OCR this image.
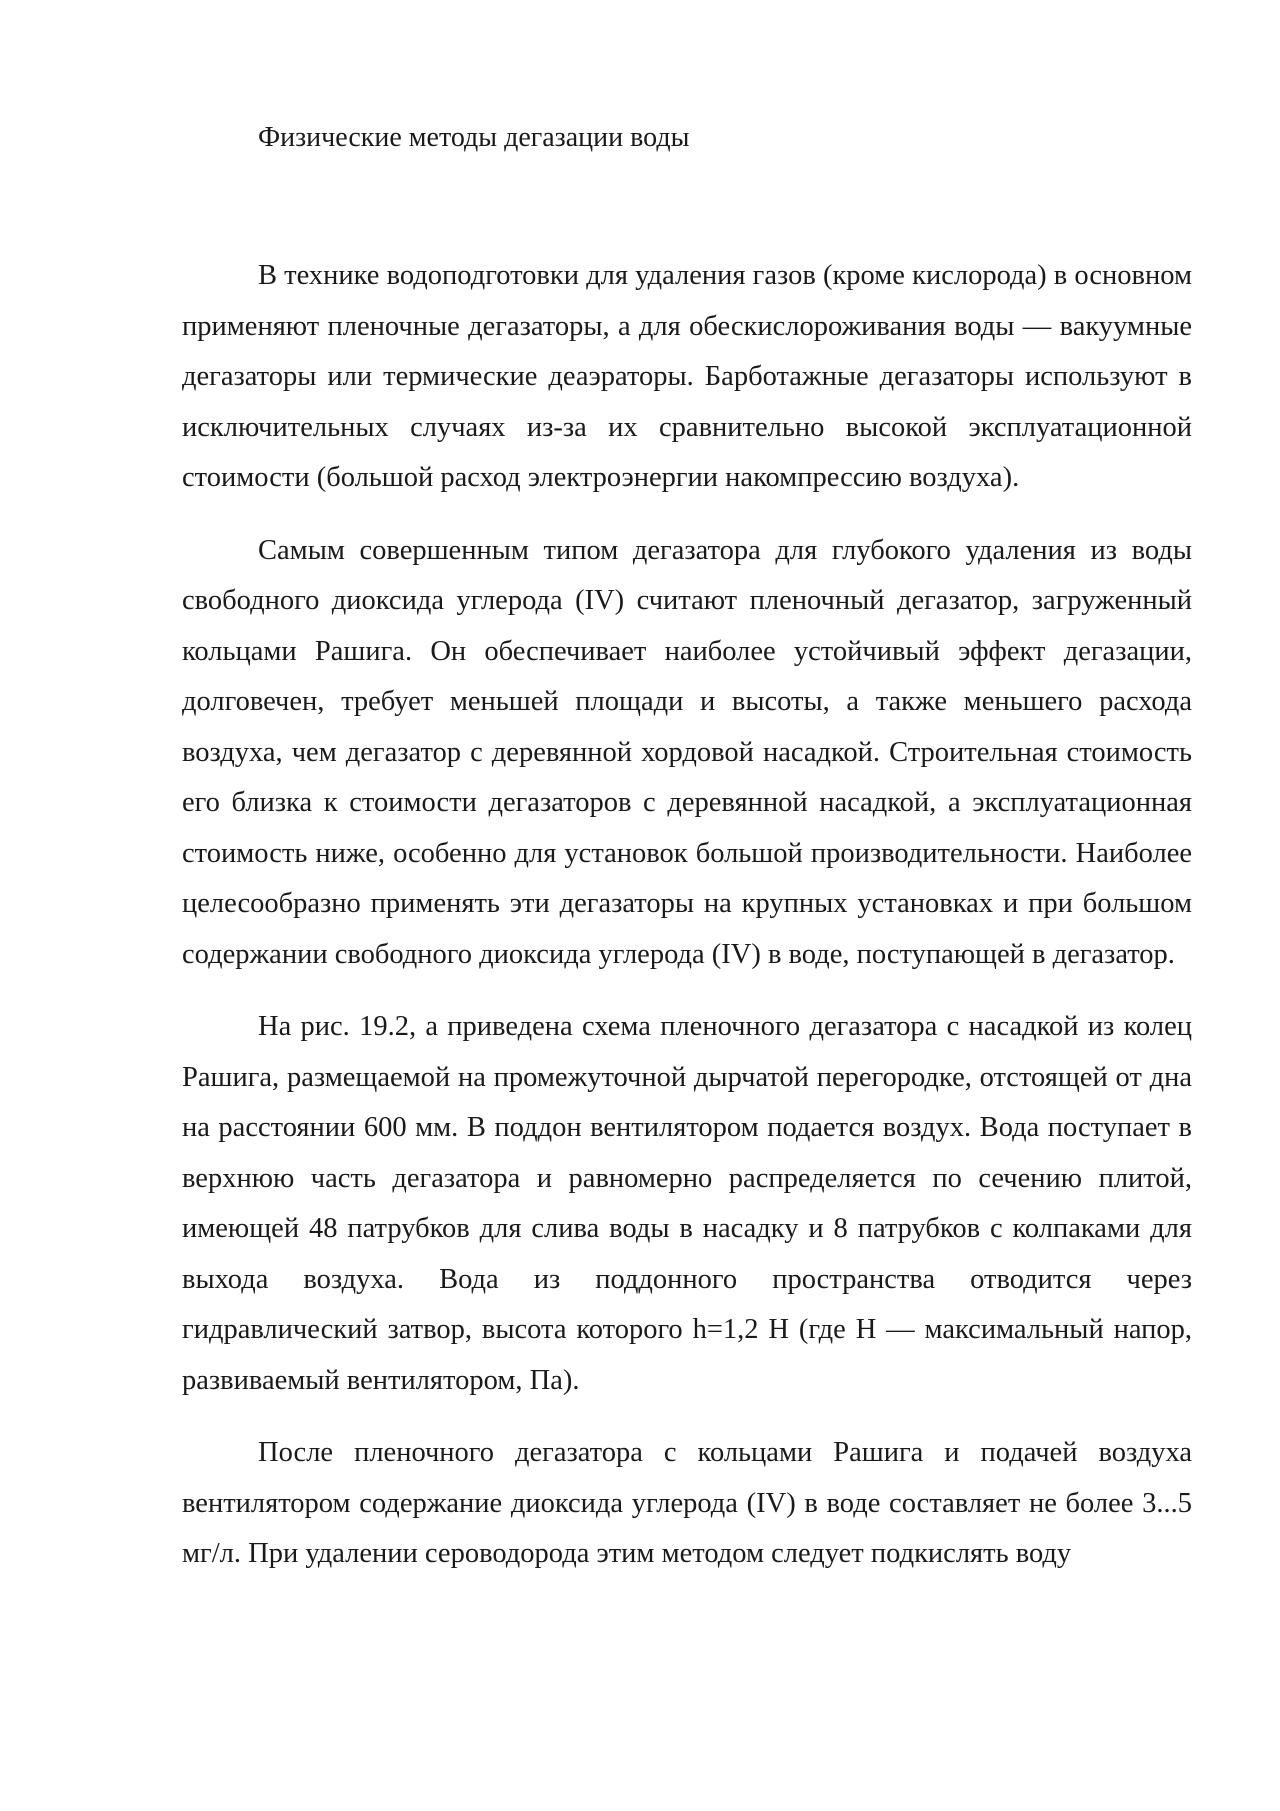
Физические методы дегазации воды

В технике водоподготовки для удаления газов (кроме кислорода) в основном применяют пленочные дегазаторы, а для обескислороживания воды — вакуумные дегазаторы или термические деаэраторы. Барботажные дегазаторы используют в исключительных случаях из-за их сравнительно высокой эксплуатационной стоимости (большой расход электроэнергии накомпрессию воздуха).

Самым совершенным типом дегазатора для глубокого удаления из воды свободного диоксида углерода (IV) считают пленочный дегазатор, загруженный кольцами Рашига. Он обеспечивает наиболее устойчивый эффект дегазации, долговечен, требует меньшей площади и высоты, а также меньшего расхода воздуха, чем дегазатор с деревянной хордовой насадкой. Строительная стоимость его близка к стоимости дегазаторов с деревянной насадкой, а эксплуатационная стоимость ниже, особенно для установок большой производительности. Наиболее целесообразно применять эти дегазаторы на крупных установках и при большом содержании свободного диоксида углерода (IV) в воде, поступающей в дегазатор.

На рис. 19.2, а приведена схема пленочного дегазатора с насадкой из колец Рашига, размещаемой на промежуточной дырчатой перегородке, отстоящей от дна на расстоянии 600 мм. В поддон вентилятором подается воздух. Вода поступает в верхнюю часть дегазатора и равномерно распределяется по сечению плитой, имеющей 48 патрубков для слива воды в насадку и 8 патрубков с колпаками для выхода воздуха. Вода из поддонного пространства отводится через гидравлический затвор, высота которого h=1,2 Н (где Н — максимальный напор, развиваемый вентилятором, Па).

После пленочного дегазатора с кольцами Рашига и подачей воздуха вентилятором содержание диоксида углерода (IV) в воде составляет не более 3...5 мг/л. При удалении сероводорода этим методом следует подкислять воду
